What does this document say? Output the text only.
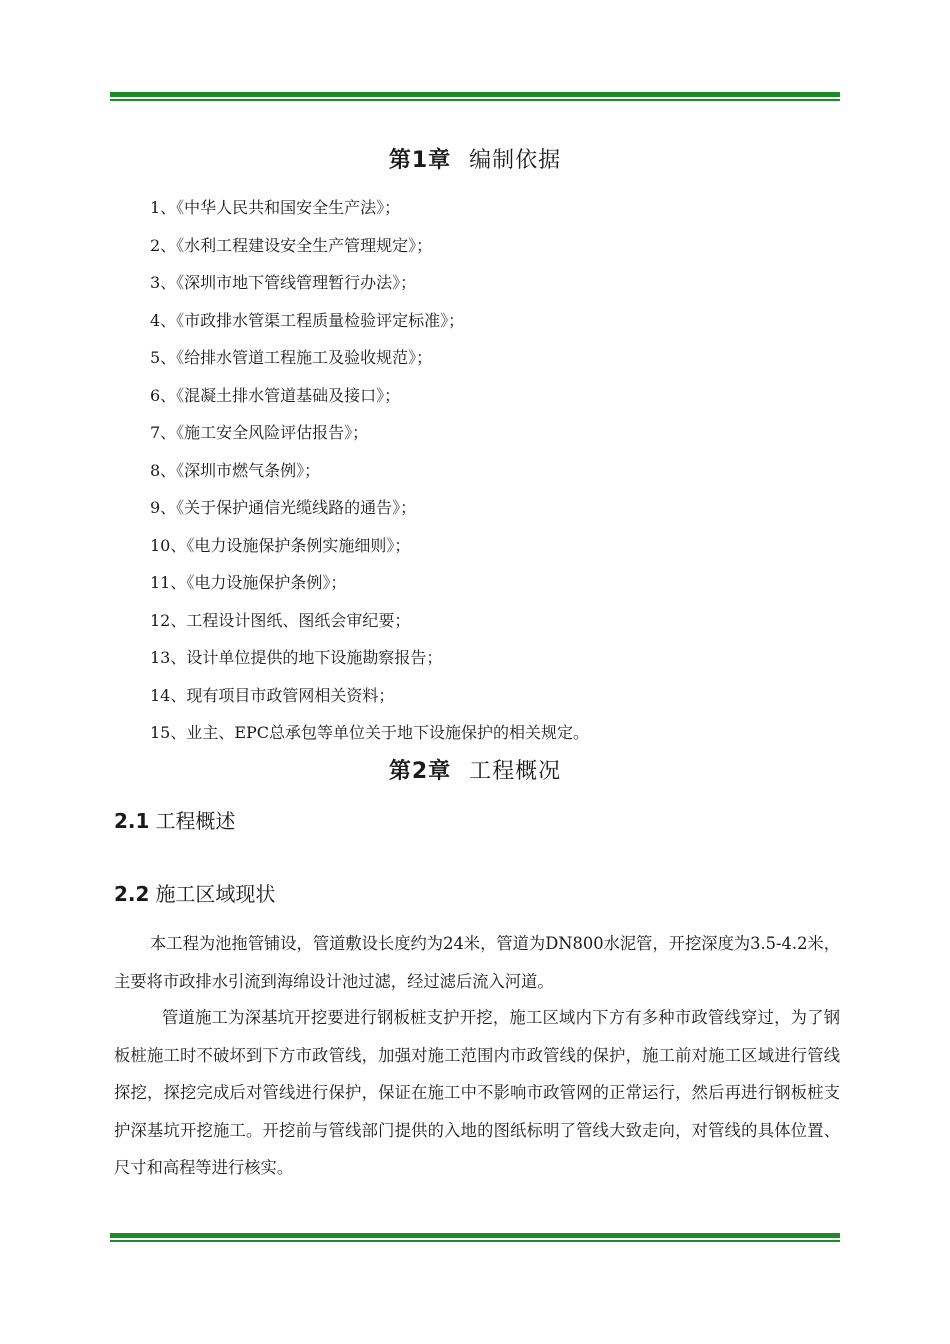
第1章 编制依据
1、《中华人民共和国安全生产法》；
2、《水利工程建设安全生产管理规定》；
3、《深圳市地下管线管理暂行办法》；
4、《市政排水管渠工程质量检验评定标准》；
5、《给排水管道工程施工及验收规范》；
6、《混凝土排水管道基础及接口》；
7、《施工安全风险评估报告》；
8、《深圳市燃气条例》；
9、《关于保护通信光缆线路的通告》；
10、《电力设施保护条例实施细则》；
11、《电力设施保护条例》；
12、工程设计图纸、图纸会审纪要；
13、设计单位提供的地下设施勘察报告；
14、现有项目市政管网相关资料；
15、业主、EPC总承包等单位关于地下设施保护的相关规定。
第2章 工程概况
2.1 工程概述
2.2 施工区域现状

本工程为池拖管铺设，管道敷设长度约为24米，管道为DN800水泥管，开挖深度为3.5-4.2米，主要将市政排水引流到海绵设计池过滤，经过滤后流入河道。

管道施工为深基坑开挖要进行钢板桩支护开挖，施工区域内下方有多种市政管线穿过，为了钢板桩施工时不破坏到下方市政管线，加强对施工范围内市政管线的保护，施工前对施工区域进行管线探挖，探挖完成后对管线进行保护，保证在施工中不影响市政管网的正常运行，然后再进行钢板桩支护深基坑开挖施工。开挖前与管线部门提供的入地的图纸标明了管线大致走向，对管线的具体位置、尺寸和高程等进行核实。
